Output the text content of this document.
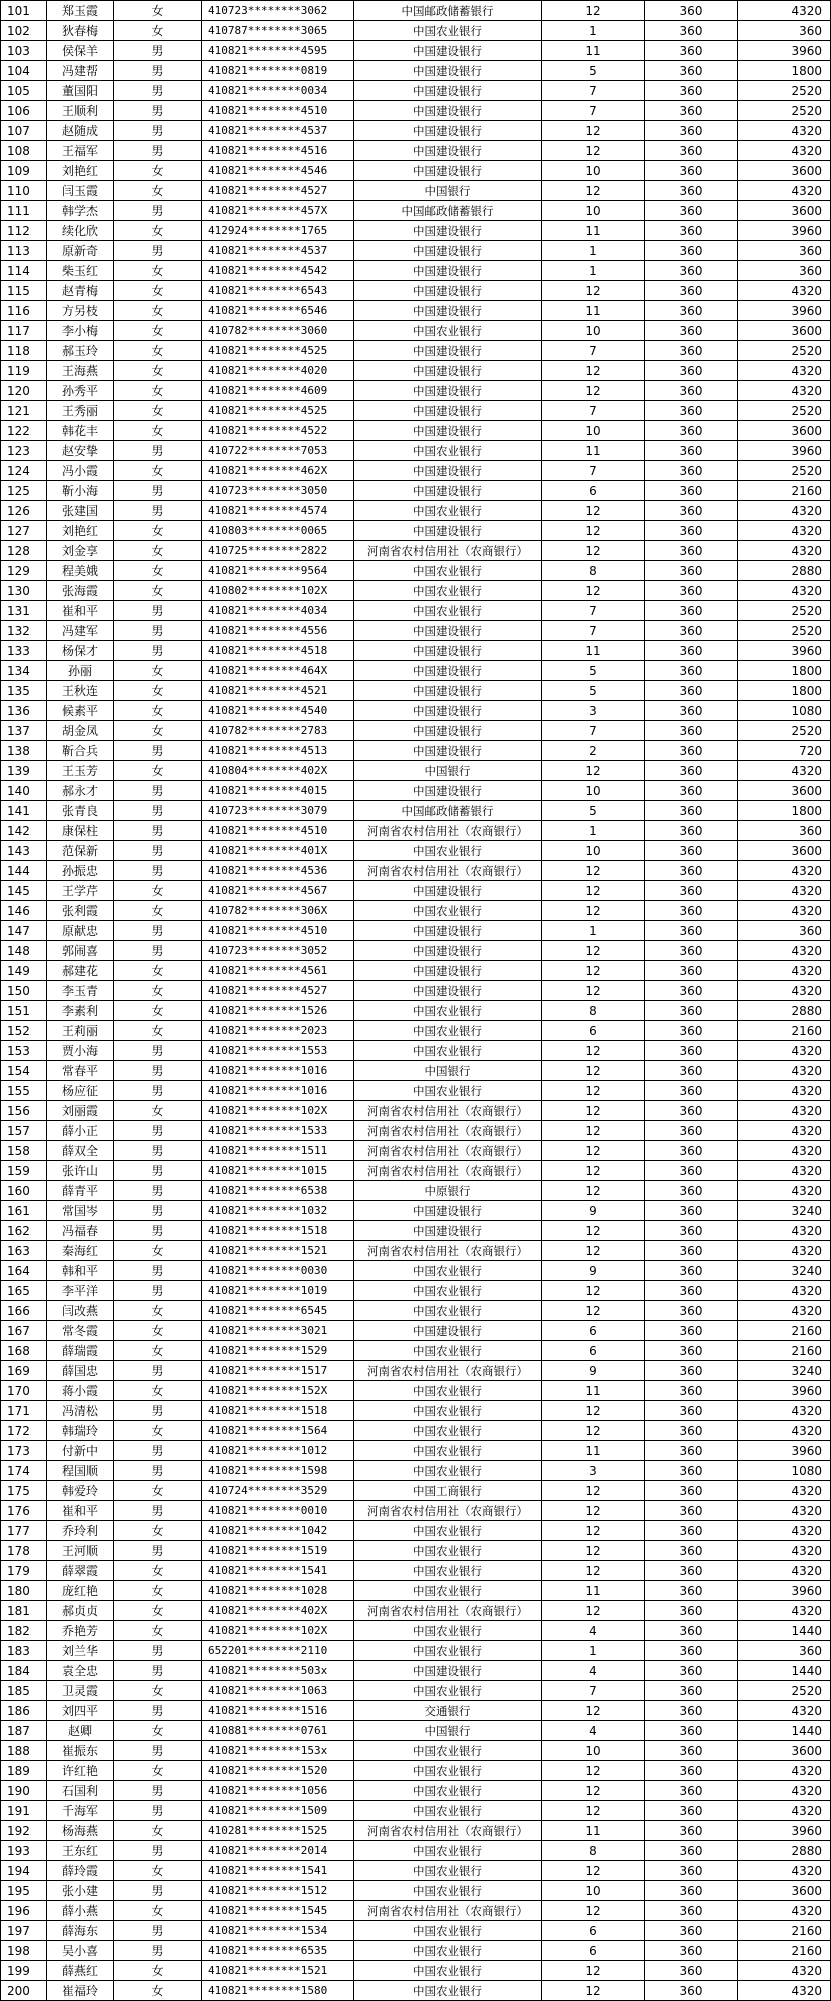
101	郑玉霞	女	410723********3062	中国邮政储蓄银行	12	360	4320
102	狄春梅	女	410787********3065	中国农业银行	1	360	360
103	侯保羊	男	410821********4595	中国建设银行	11	360	3960
104	冯建帮	男	410821********0819	中国建设银行	5	360	1800
105	董国阳	男	410821********0034	中国建设银行	7	360	2520
106	王顺利	男	410821********4510	中国建设银行	7	360	2520
107	赵随成	男	410821********4537	中国建设银行	12	360	4320
108	王福军	男	410821********4516	中国建设银行	12	360	4320
109	刘艳红	女	410821********4546	中国建设银行	10	360	3600
110	闫玉霞	女	410821********4527	中国银行	12	360	4320
111	韩学杰	男	410821********457X	中国邮政储蓄银行	10	360	3600
112	续化欣	女	412924********1765	中国建设银行	11	360	3960
113	原新奇	男	410821********4537	中国建设银行	1	360	360
114	柴玉红	女	410821********4542	中国建设银行	1	360	360
115	赵青梅	女	410821********6543	中国建设银行	12	360	4320
116	方另枝	女	410821********6546	中国建设银行	11	360	3960
117	李小梅	女	410782********3060	中国农业银行	10	360	3600
118	郝玉玲	女	410821********4525	中国建设银行	7	360	2520
119	王海燕	女	410821********4020	中国建设银行	12	360	4320
120	孙秀平	女	410821********4609	中国建设银行	12	360	4320
121	王秀丽	女	410821********4525	中国建设银行	7	360	2520
122	韩花丰	女	410821********4522	中国建设银行	10	360	3600
123	赵安挚	男	410722********7053	中国农业银行	11	360	3960
124	冯小霞	女	410821********462X	中国建设银行	7	360	2520
125	靳小海	男	410723********3050	中国建设银行	6	360	2160
126	张建国	男	410821********4574	中国农业银行	12	360	4320
127	刘艳红	女	410803********0065	中国建设银行	12	360	4320
128	刘金享	女	410725********2822	河南省农村信用社（农商银行）	12	360	4320
129	程美娥	女	410821********9564	中国农业银行	8	360	2880
130	张海霞	女	410802********102X	中国农业银行	12	360	4320
131	崔和平	男	410821********4034	中国农业银行	7	360	2520
132	冯建军	男	410821********4556	中国建设银行	7	360	2520
133	杨保才	男	410821********4518	中国建设银行	11	360	3960
134	孙丽	女	410821********464X	中国建设银行	5	360	1800
135	王秋连	女	410821********4521	中国建设银行	5	360	1800
136	候素平	女	410821********4540	中国建设银行	3	360	1080
137	胡金凤	女	410782********2783	中国建设银行	7	360	2520
138	靳合兵	男	410821********4513	中国建设银行	2	360	720
139	王玉芳	女	410804********402X	中国银行	12	360	4320
140	郝永才	男	410821********4015	中国建设银行	10	360	3600
141	张青良	男	410723********3079	中国邮政储蓄银行	5	360	1800
142	康保柱	男	410821********4510	河南省农村信用社（农商银行）	1	360	360
143	范保新	男	410821********401X	中国农业银行	10	360	3600
144	孙振忠	男	410821********4536	河南省农村信用社（农商银行）	12	360	4320
145	王学芹	女	410821********4567	中国建设银行	12	360	4320
146	张利霞	女	410782********306X	中国农业银行	12	360	4320
147	原献忠	男	410821********4510	中国建设银行	1	360	360
148	郭闹喜	男	410723********3052	中国建设银行	12	360	4320
149	郝建花	女	410821********4561	中国建设银行	12	360	4320
150	李玉青	女	410821********4527	中国建设银行	12	360	4320
151	李素利	女	410821********1526	中国农业银行	8	360	2880
152	王莉丽	女	410821********2023	中国农业银行	6	360	2160
153	贾小海	男	410821********1553	中国农业银行	12	360	4320
154	常春平	男	410821********1016	中国银行	12	360	4320
155	杨应征	男	410821********1016	中国农业银行	12	360	4320
156	刘丽霞	女	410821********102X	河南省农村信用社（农商银行）	12	360	4320
157	薛小正	男	410821********1533	河南省农村信用社（农商银行）	12	360	4320
158	薛双全	男	410821********1511	河南省农村信用社（农商银行）	12	360	4320
159	张许山	男	410821********1015	河南省农村信用社（农商银行）	12	360	4320
160	薛青平	男	410821********6538	中原银行	12	360	4320
161	常国岑	男	410821********1032	中国建设银行	9	360	3240
162	冯福春	男	410821********1518	中国建设银行	12	360	4320
163	秦海红	女	410821********1521	河南省农村信用社（农商银行）	12	360	4320
164	韩和平	男	410821********0030	中国农业银行	9	360	3240
165	李平洋	男	410821********1019	中国农业银行	12	360	4320
166	闫改燕	女	410821********6545	中国农业银行	12	360	4320
167	常冬霞	女	410821********3021	中国建设银行	6	360	2160
168	薛瑞霞	女	410821********1529	中国农业银行	6	360	2160
169	薛国忠	男	410821********1517	河南省农村信用社（农商银行）	9	360	3240
170	蒋小霞	女	410821********152X	中国农业银行	11	360	3960
171	冯清松	男	410821********1518	中国农业银行	12	360	4320
172	韩瑞玲	女	410821********1564	中国农业银行	12	360	4320
173	付新中	男	410821********1012	中国农业银行	11	360	3960
174	程国顺	男	410821********1598	中国农业银行	3	360	1080
175	韩爱玲	女	410724********3529	中国工商银行	12	360	4320
176	崔和平	男	410821********0010	河南省农村信用社（农商银行）	12	360	4320
177	乔玲利	女	410821********1042	中国农业银行	12	360	4320
178	王河顺	男	410821********1519	中国农业银行	12	360	4320
179	薛翠霞	女	410821********1541	中国农业银行	12	360	4320
180	庞红艳	女	410821********1028	中国农业银行	11	360	3960
181	郝贞贞	女	410821********402X	河南省农村信用社（农商银行）	12	360	4320
182	乔艳芳	女	410821********102X	中国农业银行	4	360	1440
183	刘兰华	男	652201********2110	中国农业银行	1	360	360
184	袁全忠	男	410821********503x	中国建设银行	4	360	1440
185	卫灵霞	女	410821********1063	中国农业银行	7	360	2520
186	刘四平	男	410821********1516	交通银行	12	360	4320
187	赵卿	女	410881********0761	中国银行	4	360	1440
188	崔振东	男	410821********153x	中国农业银行	10	360	3600
189	许红艳	女	410821********1520	中国农业银行	12	360	4320
190	石国利	男	410821********1056	中国农业银行	12	360	4320
191	千海军	男	410821********1509	中国农业银行	12	360	4320
192	杨海燕	女	410281********1525	河南省农村信用社（农商银行）	11	360	3960
193	王东红	男	410821********2014	中国农业银行	8	360	2880
194	薛玲霞	女	410821********1541	中国农业银行	12	360	4320
195	张小建	男	410821********1512	中国农业银行	10	360	3600
196	薛小燕	女	410821********1545	河南省农村信用社（农商银行）	12	360	4320
197	薛海东	男	410821********1534	中国农业银行	6	360	2160
198	吴小喜	男	410821********6535	中国农业银行	6	360	2160
199	薛燕红	女	410821********1521	中国农业银行	12	360	4320
200	崔福玲	女	410821********1580	中国农业银行	12	360	4320
